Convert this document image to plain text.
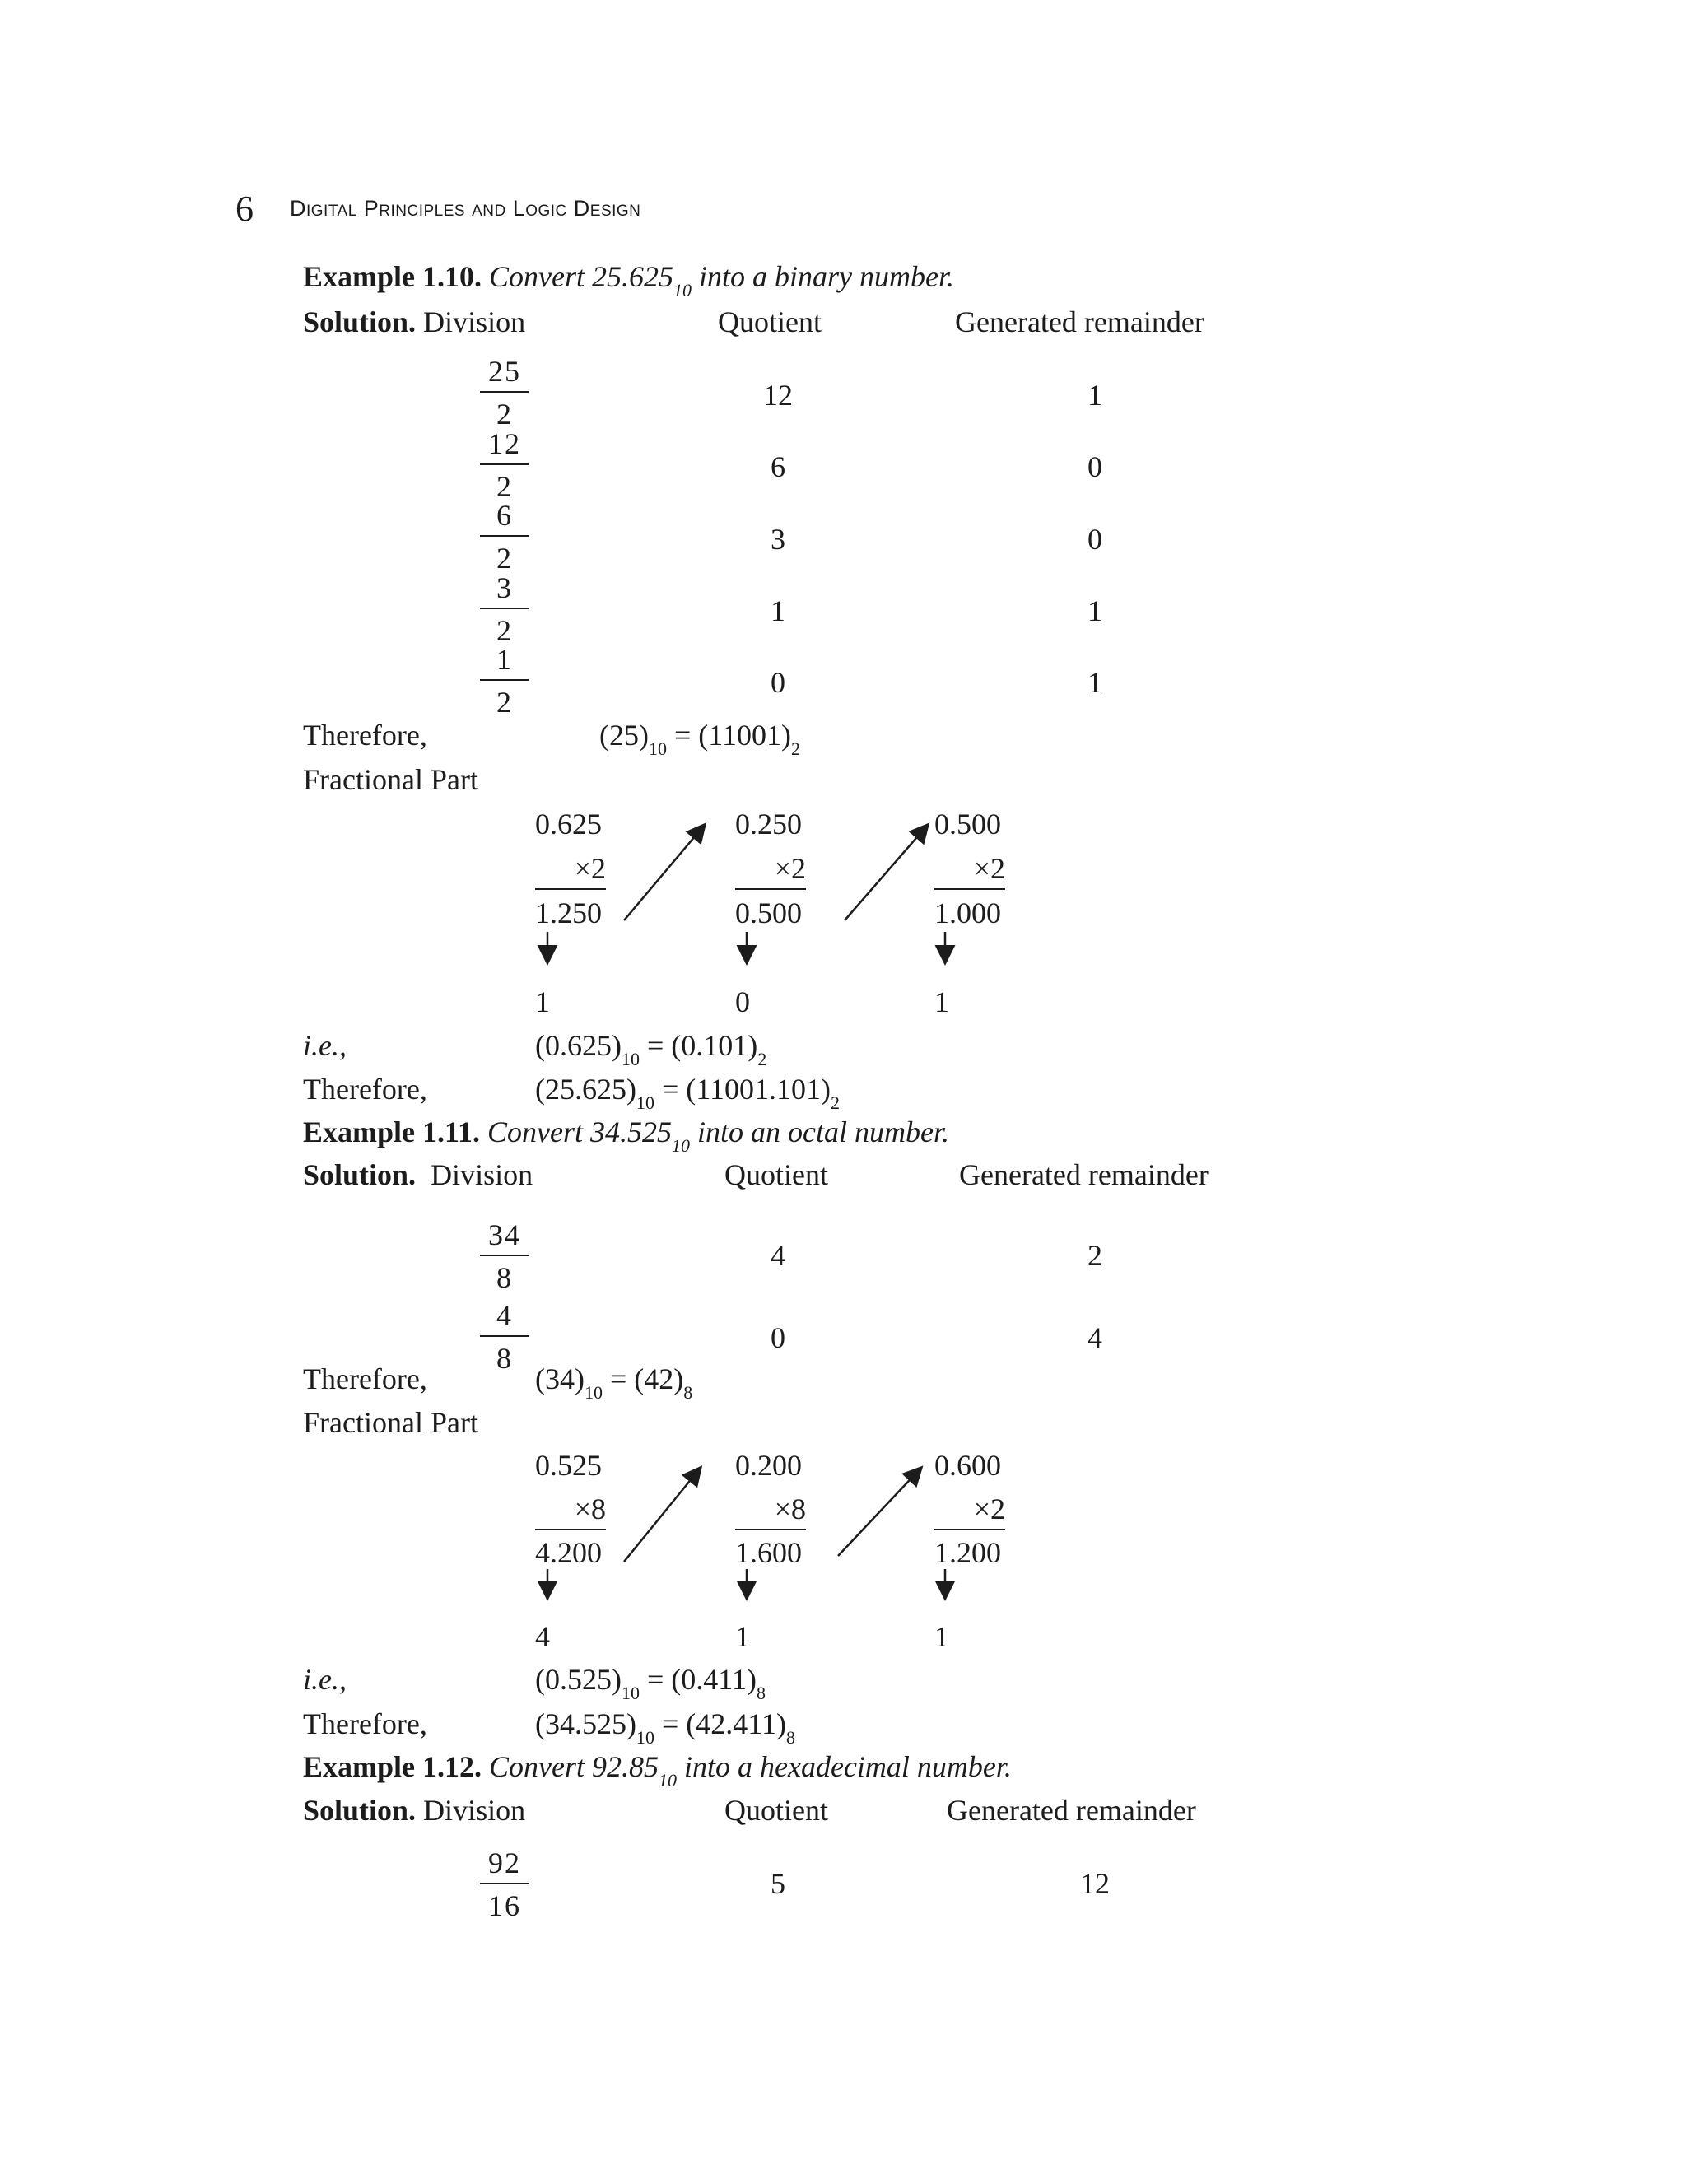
6 Digital Principles and Logic Design
Example 1.10. Convert $25.625_{10}$ into a binary number.
Solution. Division	Quotient	Generated remainder
$\frac{25}{2}$	12	1
$\frac{12}{2}$	6	0
$\frac{6}{2}$	3	0
$\frac{3}{2}$	1	1
$\frac{1}{2}$	0	1
Therefore,	$(25)_{10} = (11001)_2$
Fractional Part
0.625
×2
1.250
1
0.250
×2
0.500
0
0.500
×2
1.000
1
i.e.,	$(0.625)_{10} = (0.101)_2$
Therefore,	$(25.625)_{10} = (11001.101)_2$
Example 1.11. Convert $34.525_{10}$ into an octal number.
Solution. Division	Quotient	Generated remainder
$\frac{34}{8}$	4	2
$\frac{4}{8}$	0	4
Therefore,	$(34)_{10} = (42)_8$
Fractional Part
0.525
×8
4.200
4
0.200
×8
1.600
1
0.600
×2
1.200
1
i.e.,	$(0.525)_{10} = (0.411)_8$
Therefore,	$(34.525)_{10} = (42.411)_8$
Example 1.12. Convert $92.85_{10}$ into a hexadecimal number.
Solution. Division	Quotient	Generated remainder
$\frac{92}{16}$	5	12
